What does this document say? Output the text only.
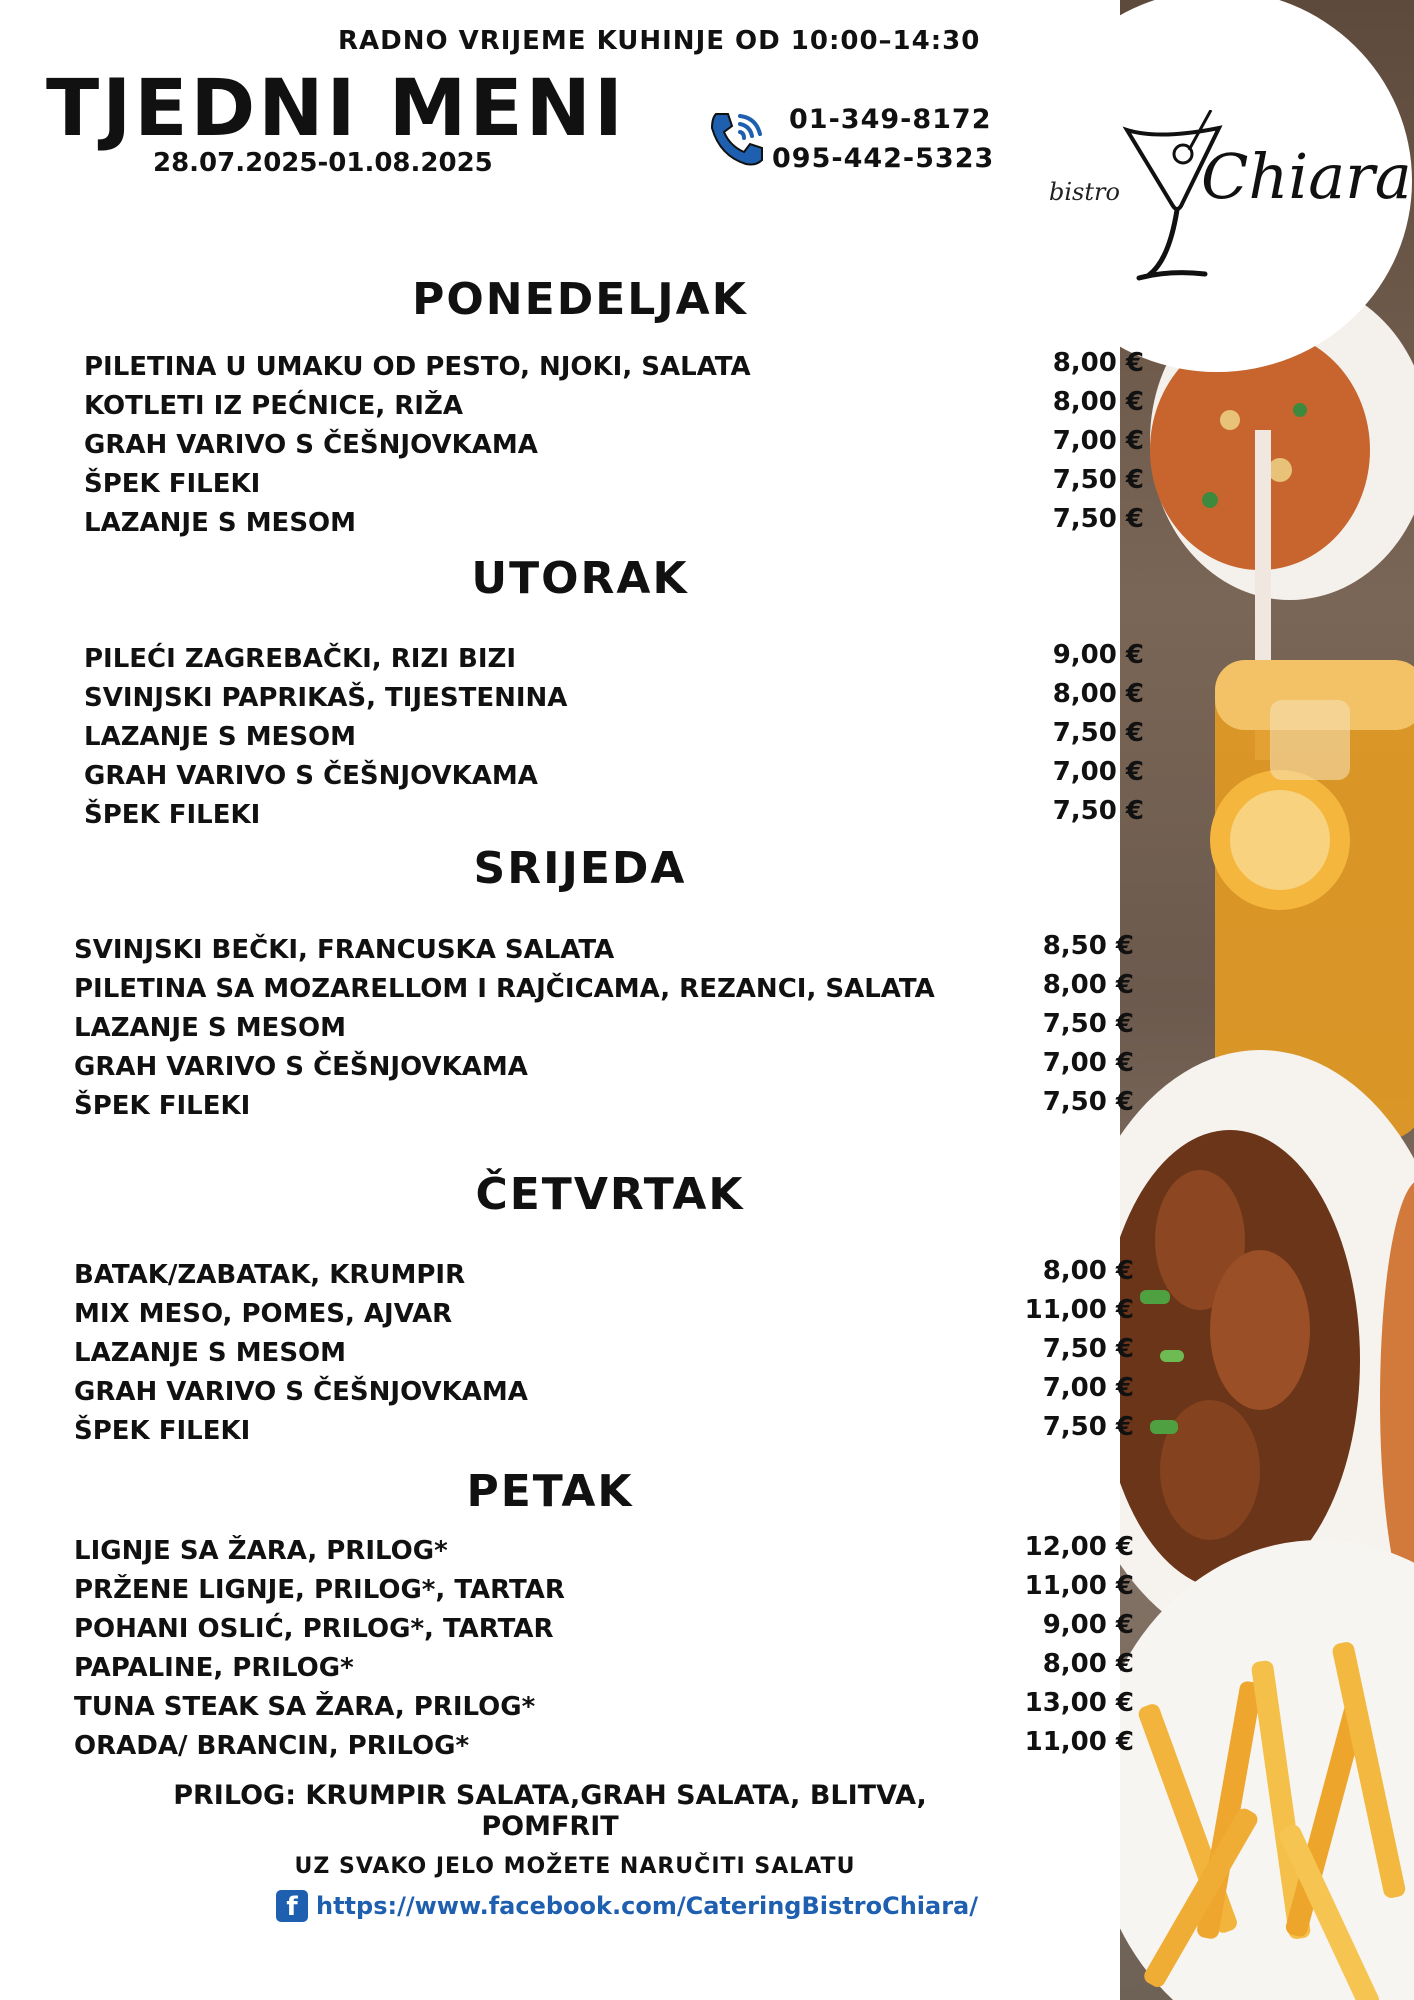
RADNO VRIJEME KUHINJE OD 10:00–14:30
TJEDNI MENI
28.07.2025-01.08.2025
01-349-8172
095-442-5323
bistro Chiara
PONEDELJAK
PILETINA U UMAKU OD PESTO, NJOKI, SALATA	8,00 €
KOTLETI IZ PEĆNICE, RIŽA	8,00 €
GRAH VARIVO S ČEŠNJOVKAMA	7,00 €
ŠPEK FILEKI	7,50 €
LAZANJE S MESOM	7,50 €
UTORAK
PILEĆI ZAGREBAČKI, RIZI BIZI	9,00 €
SVINJSKI PAPRIKAŠ, TIJESTENINA	8,00 €
LAZANJE S MESOM	7,50 €
GRAH VARIVO S ČEŠNJOVKAMA	7,00 €
ŠPEK FILEKI	7,50 €
SRIJEDA
SVINJSKI BEČKI, FRANCUSKA SALATA	8,50 €
PILETINA SA MOZARELLOM I RAJČICAMA, REZANCI, SALATA	8,00 €
LAZANJE S MESOM	7,50 €
GRAH VARIVO S ČEŠNJOVKAMA	7,00 €
ŠPEK FILEKI	7,50 €
ČETVRTAK
BATAK/ZABATAK, KRUMPIR	8,00 €
MIX MESO, POMES, AJVAR	11,00 €
LAZANJE S MESOM	7,50 €
GRAH VARIVO S ČEŠNJOVKAMA	7,00 €
ŠPEK FILEKI	7,50 €
PETAK
LIGNJE SA ŽARA, PRILOG*	12,00 €
PRŽENE LIGNJE, PRILOG*, TARTAR	11,00 €
POHANI OSLIĆ, PRILOG*, TARTAR	9,00 €
PAPALINE, PRILOG*	8,00 €
TUNA STEAK SA ŽARA, PRILOG*	13,00 €
ORADA/ BRANCIN, PRILOG*	11,00 €
PRILOG: KRUMPIR SALATA,GRAH SALATA, BLITVA, POMFRIT
UZ SVAKO JELO MOŽETE NARUČITI SALATU
f https://www.facebook.com/CateringBistroChiara/
